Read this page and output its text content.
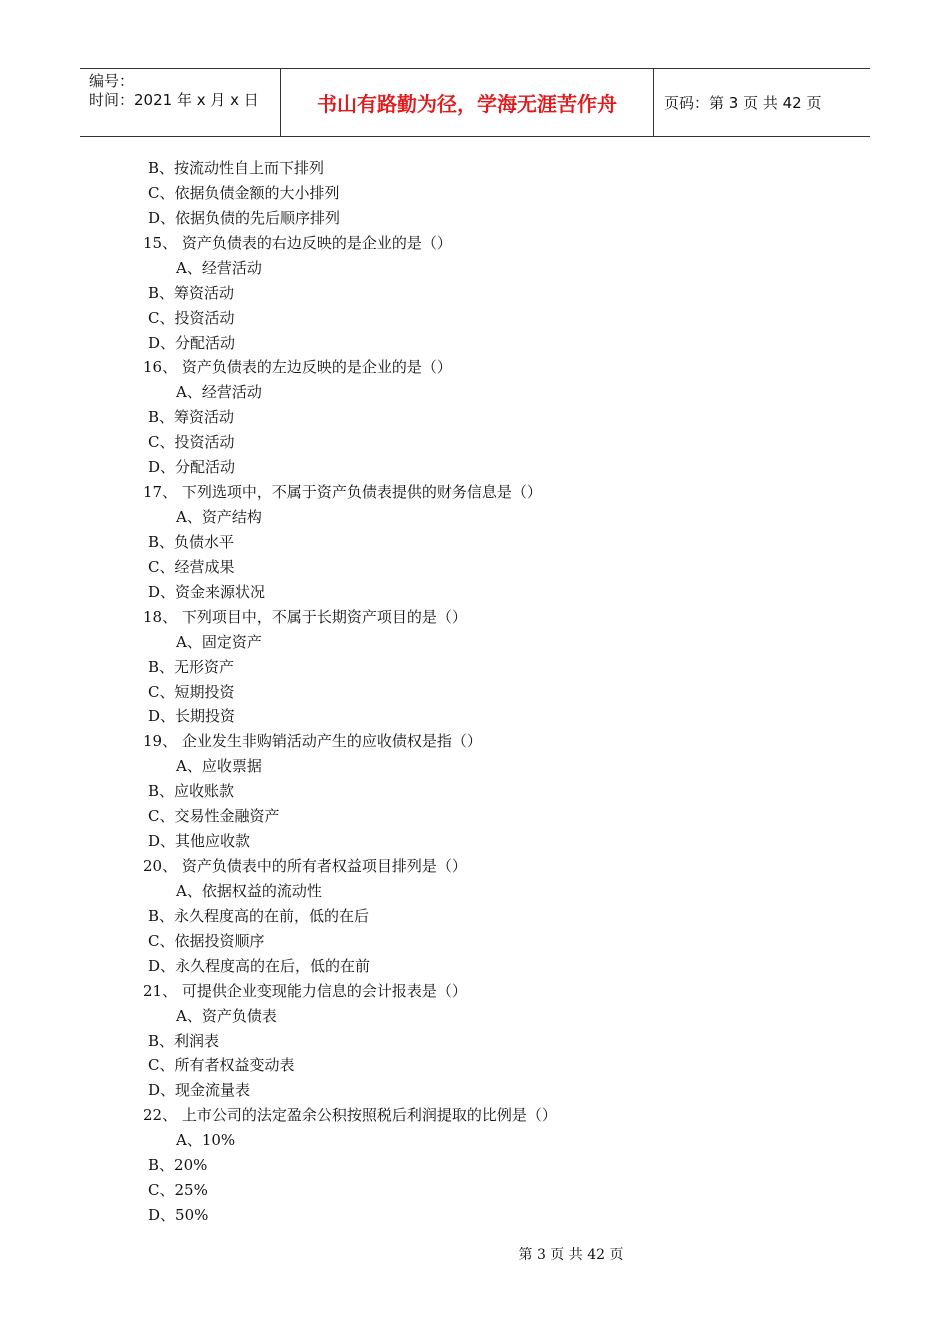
编号：
时间：2021 年 x 月 x 日	书山有路勤为径，学海无涯苦作舟	页码：第 3 页 共 42 页
B、按流动性自上而下排列
C、依据负债金额的大小排列
D、依据负债的先后顺序排列
15、 资产负债表的右边反映的是企业的是（）
A、经营活动
B、筹资活动
C、投资活动
D、分配活动
16、 资产负债表的左边反映的是企业的是（）
A、经营活动
B、筹资活动
C、投资活动
D、分配活动
17、 下列选项中，不属于资产负债表提供的财务信息是（）
A、资产结构
B、负债水平
C、经营成果
D、资金来源状况
18、 下列项目中，不属于长期资产项目的是（）
A、固定资产
B、无形资产
C、短期投资
D、长期投资
19、 企业发生非购销活动产生的应收债权是指（）
A、应收票据
B、应收账款
C、交易性金融资产
D、其他应收款
20、 资产负债表中的所有者权益项目排列是（）
A、依据权益的流动性
B、永久程度高的在前，低的在后
C、依据投资顺序
D、永久程度高的在后，低的在前
21、 可提供企业变现能力信息的会计报表是（）
A、资产负债表
B、利润表
C、所有者权益变动表
D、现金流量表
22、 上市公司的法定盈余公积按照税后利润提取的比例是（）
A、10%
B、20%
C、25%
D、50%
第 3 页 共 42 页
